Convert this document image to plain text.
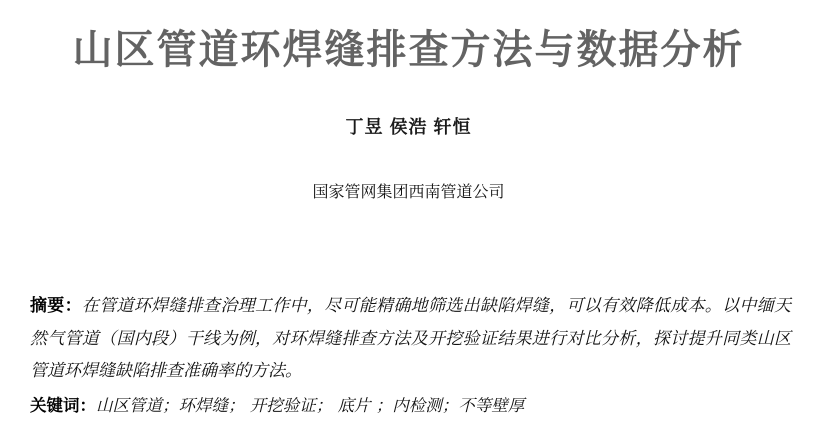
山区管道环焊缝排查方法与数据分析
丁昱 侯浩 轩恒
国家管网集团西南管道公司

摘要：在管道环焊缝排查治理工作中，尽可能精确地筛选出缺陷焊缝，可以有效降低成本。以中缅天然气管道（国内段）干线为例，对环焊缝排查方法及开挖验证结果进行对比分析，探讨提升同类山区管道环焊缝缺陷排查准确率的方法。

关键词：山区管道；环焊缝； 开挖验证； 底片 ；内检测；不等壁厚
